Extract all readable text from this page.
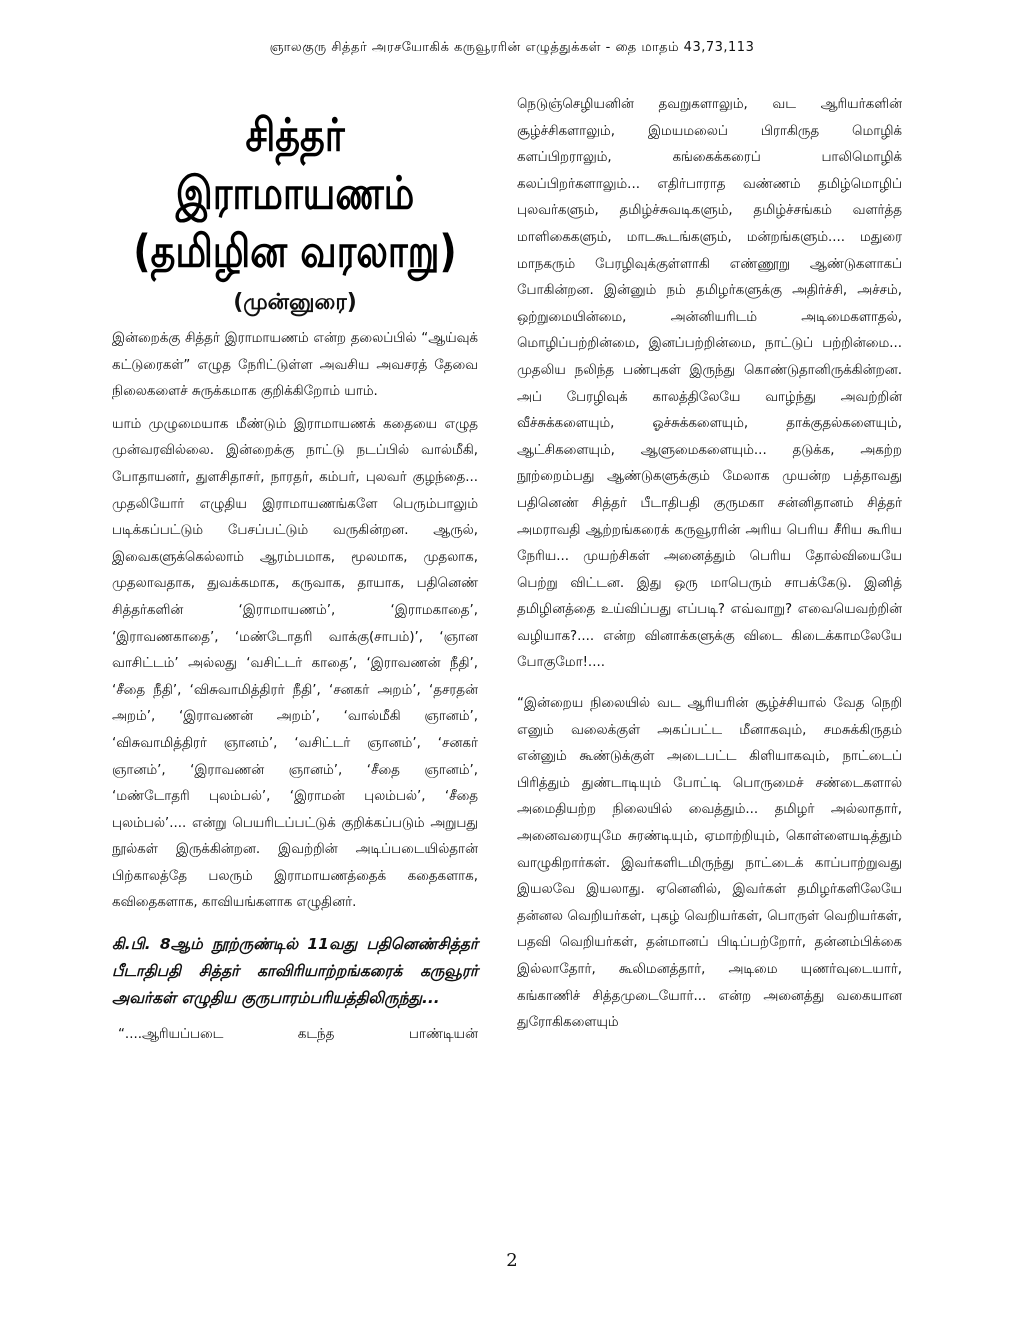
ஞாலகுரு சித்தர் அரசயோகிக் கருவூரரின் எழுத்துக்கள் - தை மாதம் 43,73,113
சித்தர்
இராமாயணம்
(தமிழின வரலாறு)
(முன்னுரை)

இன்றைக்கு சித்தர் இராமாயணம் என்ற தலைப்பில் “ஆய்வுக் கட்டுரைகள்” எழுத நேரிட்டுள்ள அவசிய அவசரத் தேவை நிலைகளைச் சுருக்கமாக குறிக்கிறோம் யாம்.

யாம் முழுமையாக மீண்டும் இராமாயணக் கதையை எழுத முன்வரவில்லை. இன்றைக்கு நாட்டு நடப்பில் வால்மீகி, போதாயனர், துளசிதாசர், நாரதர், கம்பர், புலவர் குழந்தை... முதலியோர் எழுதிய இராமாயணங்களே பெரும்பாலும் படிக்கப்பட்டும் பேசப்பட்டும் வருகின்றன. ஆருல், இவைகளுக்கெல்லாம் ஆரம்பமாக, மூலமாக, முதலாக, முதலாவதாக, துவக்கமாக, கருவாக, தாயாக, பதினெண் சித்தர்களின் ‘இராமாயணம்’, ‘இராமகாதை’, ‘இராவணகாதை’, ‘மண்டோதரி வாக்கு(சாபம்)’, ‘ஞான வாசிட்டம்’ அல்லது ‘வசிட்டர் காதை’, ‘இராவணன் நீதி’, ‘சீதை நீதி’, ‘விசுவாமித்திரர் நீதி’, ‘சனகர் அறம்’, ‘தசரதன் அறம்’, ‘இராவணன் அறம்’, ‘வால்மீகி ஞானம்’, ‘விசுவாமித்திரர் ஞானம்’, ‘வசிட்டர் ஞானம்’, ‘சனகர் ஞானம்’, ‘இராவணன் ஞானம்’, ‘சீதை ஞானம்’, ‘மண்டோதரி புலம்பல்’, ‘இராமன் புலம்பல்’, ‘சீதை புலம்பல்’.... என்று பெயரிடப்பட்டுக் குறிக்கப்படும் அறுபது நூல்கள் இருக்கின்றன. இவற்றின் அடிப்படையில்தான் பிற்காலத்தே பலரும் இராமாயணத்தைக் கதைகளாக, கவிதைகளாக, காவியங்களாக எழுதினர்.

கி.பி. 8ஆம் நூற்ருண்டில் 11வது பதினெண்சித்தர் பீடாதிபதி சித்தர் காவிரியாற்றங்கரைக் கருவூரர் அவர்கள் எழுதிய குருபாரம்பரியத்திலிருந்து...

“....ஆரியப்படை கடந்த பாண்டியன்

நெடுஞ்செழியனின் தவறுகளாலும், வட ஆரியர்களின் சூழ்ச்சிகளாலும், இமயமலைப் பிராகிருத மொழிக் களப்பிறராலும், கங்கைக்கரைப் பாலிமொழிக் கலப்பிறர்களாலும்... எதிர்பாராத வண்ணம் தமிழ்மொழிப் புலவர்களும், தமிழ்ச்சுவடிகளும், தமிழ்ச்சங்கம் வளர்த்த மாளிகைகளும், மாடகூடங்களும், மன்றங்களும்.... மதுரை மாநகரும் பேரழிவுக்குள்ளாகி எண்ணூறு ஆண்டுகளாகப் போகின்றன. இன்னும் நம் தமிழர்களுக்கு அதிர்ச்சி, அச்சம், ஒற்றுமையின்மை, அன்னியரிடம் அடிமைகளாதல், மொழிப்பற்றின்மை, இனப்பற்றின்மை, நாட்டுப் பற்றின்மை... முதலிய நலிந்த பண்புகள் இருந்து கொண்டுதானிருக்கின்றன. அப் பேரழிவுக் காலத்திலேயே வாழ்ந்து அவற்றின் வீச்சுக்களையும், ஓச்சுக்களையும், தாக்குதல்களையும், ஆட்சிகளையும், ஆளுமைகளையும்... தடுக்க, அகற்ற நூற்றைம்பது ஆண்டுகளுக்கும் மேலாக முயன்ற பத்தாவது பதினெண் சித்தர் பீடாதிபதி குருமகா சன்னிதானம் சித்தர் அமராவதி ஆற்றங்கரைக் கருவூரரின் அரிய பெரிய சீரிய கூரிய நேரிய... முயற்சிகள் அனைத்தும் பெரிய தோல்வியையே பெற்று விட்டன. இது ஒரு மாபெரும் சாபக்கேடு. இனித் தமிழினத்தை உய்விப்பது எப்படி? எவ்வாறு? எவையெவற்றின் வழியாக?.... என்ற வினாக்களுக்கு விடை கிடைக்காமலேயே போகுமோ!....

“இன்றைய நிலையில் வட ஆரியரின் சூழ்ச்சியால் வேத நெறி எனும் வலைக்குள் அகப்பட்ட மீனாகவும், சமசுக்கிருதம் என்னும் கூண்டுக்குள் அடைபட்ட கிளியாகவும், நாட்டைப் பிரித்தும் துண்டாடியும் போட்டி பொருமைச் சண்டைகளால் அமைதியற்ற நிலையில் வைத்தும்... தமிழர் அல்லாதார், அனைவரையுமே சுரண்டியும், ஏமாற்றியும், கொள்ளையடித்தும் வாழுகிறார்கள். இவர்களிடமிருந்து நாட்டைக் காப்பாற்றுவது இயலவே இயலாது. ஏனெனில், இவர்கள் தமிழர்களிலேயே தன்னல வெறியர்கள், புகழ் வெறியர்கள், பொருள் வெறியர்கள், பதவி வெறியர்கள், தன்மானப் பிடிப்பற்றோர், தன்னம்பிக்கை இல்லாதோர், கூலிமனத்தார், அடிமை யுணர்வுடையார், கங்காணிச் சித்தமுடையோர்... என்ற அனைத்து வகையான துரோகிகளையும்

2
